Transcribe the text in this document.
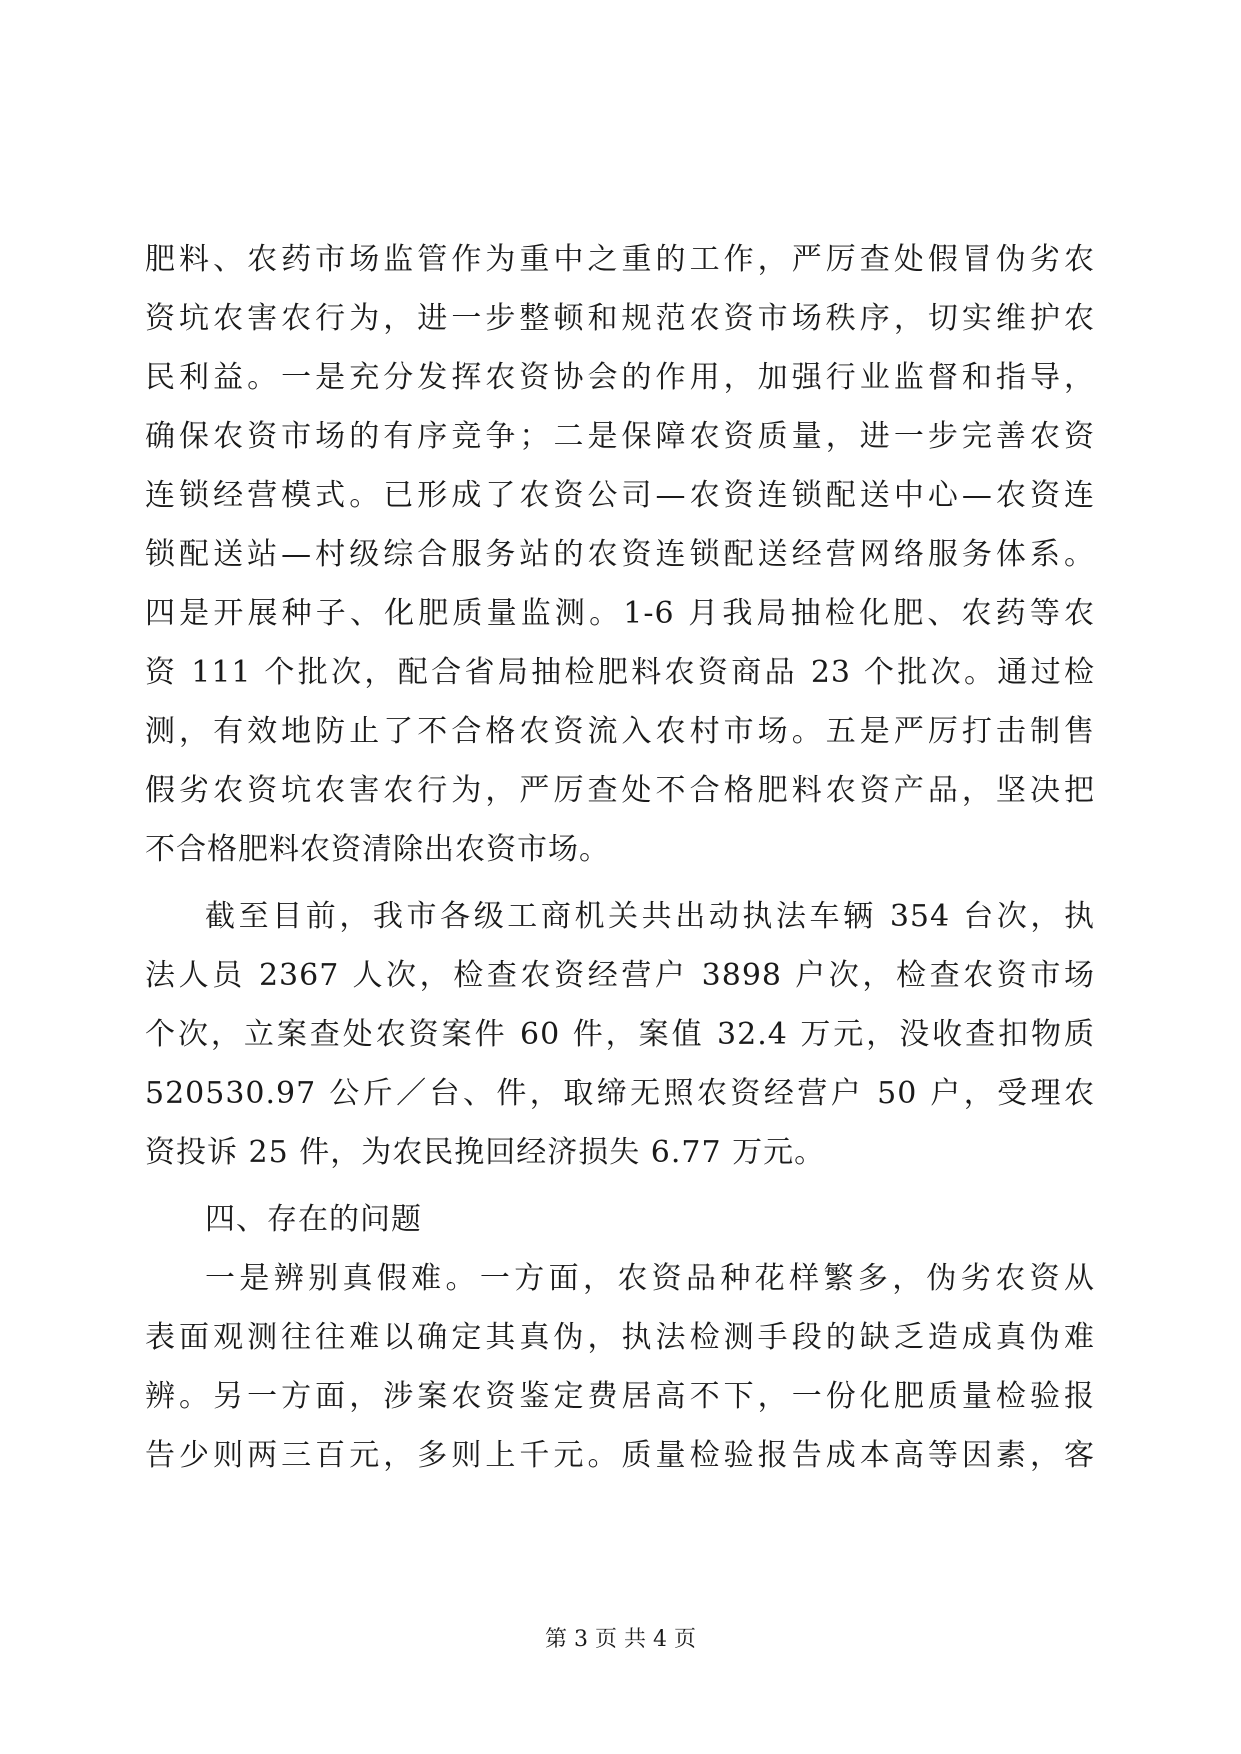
肥料、农药市场监管作为重中之重的工作，严厉查处假冒伪劣农
资坑农害农行为，进一步整顿和规范农资市场秩序，切实维护农
民利益。一是充分发挥农资协会的作用，加强行业监督和指导，
确保农资市场的有序竞争；二是保障农资质量，进一步完善农资
连锁经营模式。已形成了农资公司—农资连锁配送中心—农资连
锁配送站—村级综合服务站的农资连锁配送经营网络服务体系。
四是开展种子、化肥质量监测。1-6 月我局抽检化肥、农药等农
资 111 个批次，配合省局抽检肥料农资商品 23 个批次。通过检
测，有效地防止了不合格农资流入农村市场。五是严厉打击制售
假劣农资坑农害农行为，严厉查处不合格肥料农资产品，坚决把
不合格肥料农资清除出农资市场。
截至目前，我市各级工商机关共出动执法车辆 354 台次，执
法人员 2367 人次，检查农资经营户 3898 户次，检查农资市场
个次，立案查处农资案件 60 件，案值 32.4 万元，没收查扣物质
520530.97 公斤／台、件，取缔无照农资经营户 50 户，受理农
资投诉 25 件，为农民挽回经济损失 6.77 万元。
四、存在的问题
一是辨别真假难。一方面，农资品种花样繁多，伪劣农资从
表面观测往往难以确定其真伪，执法检测手段的缺乏造成真伪难
辨。另一方面，涉案农资鉴定费居高不下，一份化肥质量检验报
告少则两三百元，多则上千元。质量检验报告成本高等因素，客
第 3 页 共 4 页
